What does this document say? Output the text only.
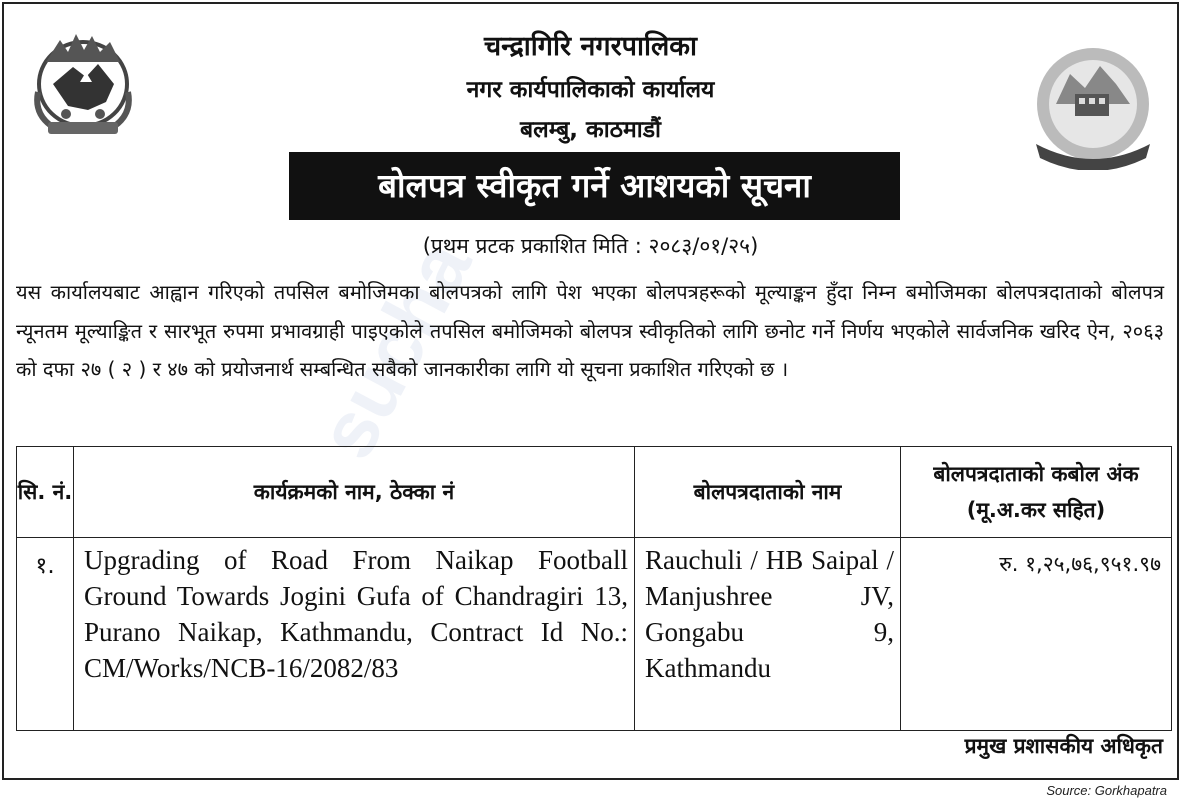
sucha
चन्द्रागिरि नगरपालिका
नगर कार्यपालिकाको कार्यालय
बलम्बु, काठमाडौं
बोलपत्र स्वीकृत गर्ने आशयको सूचना
(प्रथम प्रटक प्रकाशित मिति : २०८३/०१/२५)

यस कार्यालयबाट आह्वान गरिएको तपसिल बमोजिमका बोलपत्रको लागि पेश भएका बोलपत्रहरूको मूल्याङ्कन हुँदा निम्न बमोजिमका बोलपत्रदाताको बोलपत्र न्यूनतम मूल्याङ्कित र सारभूत रुपमा प्रभावग्राही पाइएकोले तपसिल बमोजिमको बोलपत्र स्वीकृतिको लागि छनोट गर्ने निर्णय भएकोले सार्वजनिक खरिद ऐन, २०६३ को दफा २७ ( २ ) र ४७ को प्रयोजनार्थ सम्बन्धित सबैको जानकारीका लागि यो सूचना प्रकाशित गरिएको छ ।

सि. नं.	कार्यक्रमको नाम, ठेक्का नं	बोलपत्रदाताको नाम	बोलपत्रदाताको कबोल अंक (मू.अ.कर सहित)
१.	Upgrading of Road From Naikap Football Ground Towards Jogini Gufa of Chandragiri 13, Purano Naikap, Kathmandu, Contract Id No.: CM/Works/NCB-16/2082/83	Rauchuli / HB Saipal / Manjushree JV, Gongabu 9, Kathmandu	रु. १,२५,७६,९५१.९७
प्रमुख प्रशासकीय अधिकृत
Source: Gorkhapatra
